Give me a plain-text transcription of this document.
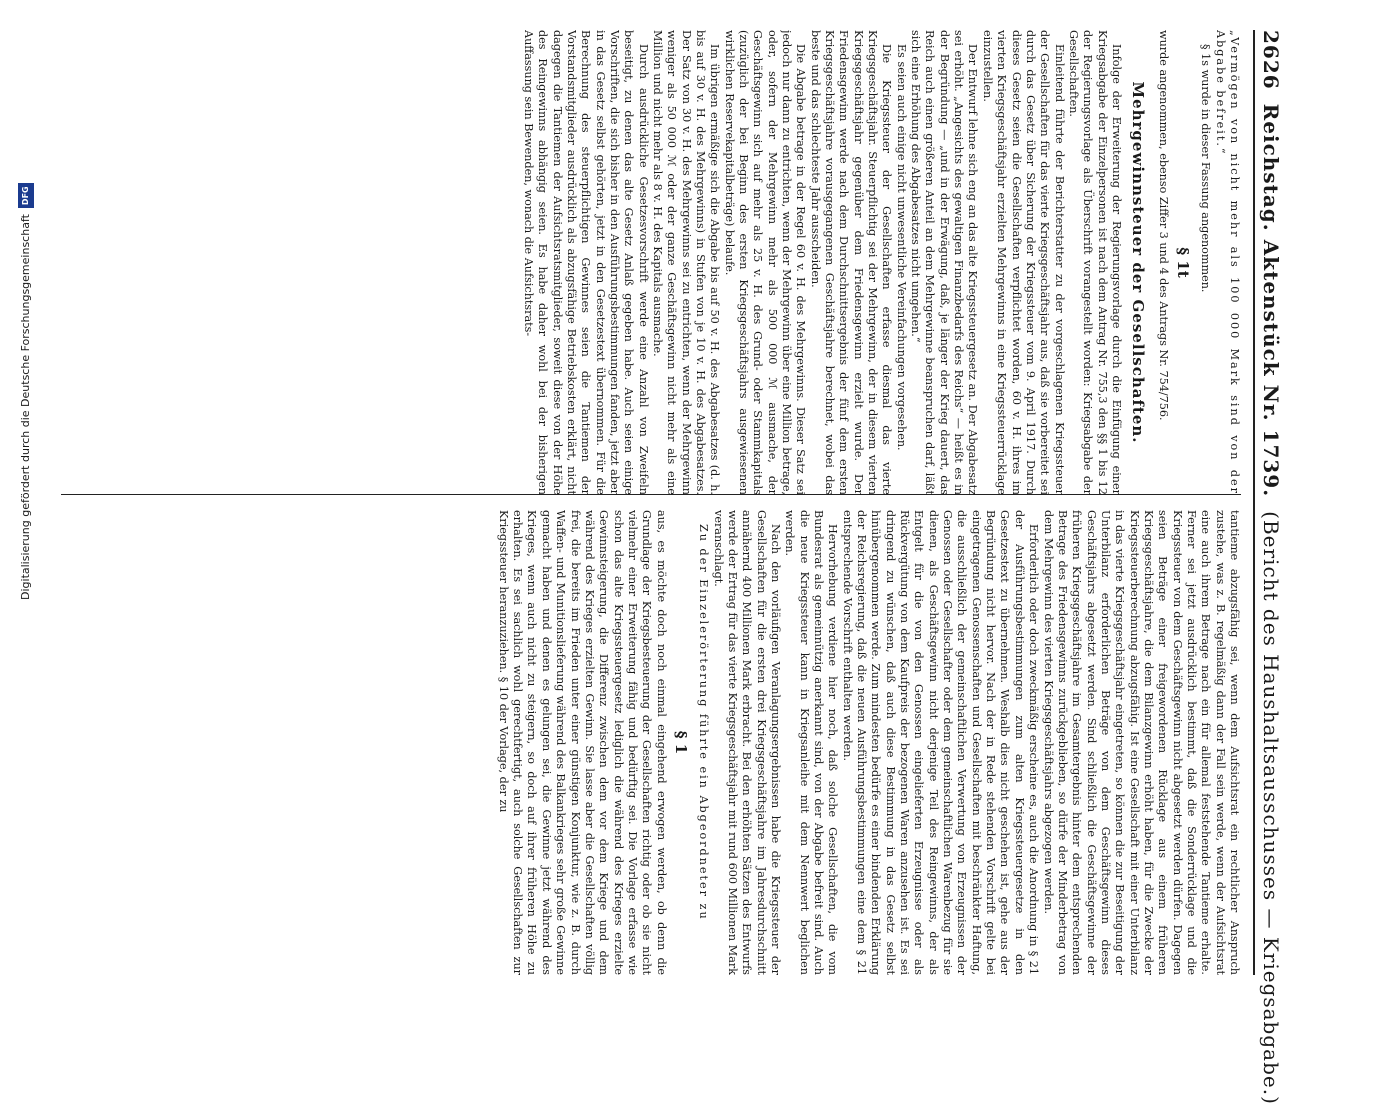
2626
Reichstag. Aktenstück Nr. 1739.
(Bericht des Haushaltsausschusses — Kriegsabgabe.)

„Vermögen von nicht mehr als 100 000 Mark sind von der Abgabe befreit.“

§ 1s wurde in dieser Fassung angenommen.

§ 1t

wurde angenommen, ebenso Ziffer 3 und 4 des Antrags Nr. 754/756.

Mehrgewinnsteuer der Gesellschaften.

Infolge der Erweiterung der Regierungsvorlage durch die Einfügung einer Kriegsabgabe der Einzelpersonen ist nach dem Antrag Nr. 755,3 den §§ 1 bis 12 der Regierungsvorlage als Überschrift vorangestellt worden: Kriegsabgabe der Gesellschaften.

Einleitend führte der Berichterstatter zu der vorgeschlagenen Kriegssteuer der Gesellschaften für das vierte Kriegsgeschäftsjahr aus, daß sie vorbereitet sei durch das Gesetz über Sicherung der Kriegssteuer vom 9. April 1917. Durch dieses Gesetz seien die Gesellschaften verpflichtet worden, 60 v. H. ihres im vierten Kriegsgeschäftsjahr erzielten Mehrgewinns in eine Kriegssteuerrücklage einzustellen.

Der Entwurf lehne sich eng an das alte Kriegssteuergesetz an. Der Abgabesatz sei erhöht. „Angesichts des gewaltigen Finanzbedarfs des Reichs“ — heißt es in der Begründung — „und in der Erwägung, daß, je länger der Krieg dauert, das Reich auch einen größeren Anteil an dem Mehrgewinne beanspruchen darf, läßt sich eine Erhöhung des Abgabesatzes nicht umgehen.“

Es seien auch einige nicht unwesentliche Vereinfachungen vorgesehen.

Die Kriegssteuer der Gesellschaften erfasse diesmal das vierte Kriegsgeschäftsjahr. Steuerpflichtig sei der Mehrgewinn, der in diesem vierten Kriegsgeschäftsjahr gegenüber dem Friedensgewinn erzielt wurde. Der Friedensgewinn werde nach dem Durchschnittsergebnis der fünf dem ersten Kriegsgeschäftsjahre vorausgegangenen Geschäftsjahre berechnet, wobei das beste und das schlechteste Jahr ausscheiden.

Die Abgabe betrage in der Regel 60 v. H. des Mehrgewinns. Dieser Satz sei jedoch nur dann zu entrichten, wenn der Mehrgewinn über eine Million betrage, oder, sofern der Mehrgewinn mehr als 500 000 ℳ ausmache, der Geschäftsgewinn sich auf mehr als 25 v. H. des Grund- oder Stammkapitals (zuzüglich der bei Beginn des ersten Kriegsgeschäftsjahrs ausgewiesenen wirklichen Reservekapitalbeträge) belaufe.

Im übrigen ermäßige sich die Abgabe bis auf 50 v. H. des Abgabesatzes (d. h. bis auf 30 v. H. des Mehrgewinns) in Stufen von je 10 v. H. des Abgabesatzes. Der Satz von 30 v. H. des Mehrgewinns sei zu entrichten, wenn der Mehrgewinn weniger als 50 000 ℳ oder der ganze Geschäftsgewinn nicht mehr als eine Million und nicht mehr als 8 v. H. des Kapitals ausmache.

Durch ausdrückliche Gesetzesvorschrift werde eine Anzahl von Zweifeln beseitigt, zu denen das alte Gesetz Anlaß gegeben habe. Auch seien einige Vorschriften, die sich bisher in den Ausführungsbestimmungen fanden, jetzt aber in das Gesetz selbst gehörten, jetzt in den Gesetzestext übernommen. Für die Berechnung des steuerpflichtigen Gewinnes seien die Tantiemen der Vorstandsmitglieder ausdrücklich als abzugsfähige Betriebskosten erklärt, nicht dagegen die Tantiemen der Aufsichtsratsmitglieder, soweit diese von der Höhe des Reingewinns abhängig seien. Es habe daher wohl bei der bisherigen Auffassung sein Bewenden, wonach die Aufsichtsrats-

tantieme abzugsfähig sei, wenn dem Aufsichtsrat ein rechtlicher Anspruch zustehe, was z. B. regelmäßig dann der Fall sein werde, wenn der Aufsichtsrat eine auch ihrem Betrage nach ein für allemal feststehende Tantieme erhalte. Ferner sei jetzt ausdrücklich bestimmt, daß die Sonderrücklage und die Kriegssteuer von dem Geschäftsgewinn nicht abgesetzt werden dürfen. Dagegen seien Beträge einer freigewordenen Rücklage aus einem früheren Kriegsgeschäftsjahre, die dem Bilanzgewinn erhöht haben, für die Zwecke der Kriegssteuerberechnung abzugsfähig. Ist eine Gesellschaft mit einer Unterbilanz in das vierte Kriegsgeschäftsjahr eingetreten, so können die zur Beseitigung der Unterbilanz erforderlichen Beträge von dem Geschäftsgewinn dieses Geschäftsjahrs abgesetzt werden. Sind schließlich die Geschäftsgewinne der früheren Kriegsgeschäftsjahre im Gesamtergebnis hinter dem entsprechenden Betrage des Friedensgewinns zurückgeblieben, so dürfe der Minderbetrag von dem Mehrgewinn des vierten Kriegsgeschäftsjahrs abgezogen werden.

Erforderlich oder doch zweckmäßig erscheine es, auch die Anordnung in § 21 der Ausführungsbestimmungen zum alten Kriegssteuergesetze in den Gesetzestext zu übernehmen. Weshalb dies nicht geschehen ist, gehe aus der Begründung nicht hervor. Nach der in Rede stehenden Vorschrift gelte bei eingetragenen Genossenschaften und Gesellschaften mit beschränkter Haftung, die ausschließlich der gemeinschaftlichen Verwertung von Erzeugnissen der Genossen oder Gesellschafter oder dem gemeinschaftlichen Warenbezug für sie dienen, als Geschäftsgewinn nicht derjenige Teil des Reingewinns, der als Entgelt für die von den Genossen eingelieferten Erzeugnisse oder als Rückvergütung von dem Kaufpreis der bezogenen Waren anzusehen ist. Es sei dringend zu wünschen, daß auch diese Bestimmung in das Gesetz selbst hinübergenommen werde. Zum mindesten bedürfe es einer bindenden Erklärung der Reichsregierung, daß die neuen Ausführungsbestimmungen eine dem § 21 entsprechende Vorschrift enthalten werden.

Hervorhebung verdiene hier noch, daß solche Gesellschaften, die vom Bundesrat als gemeinnützig anerkannt sind, von der Abgabe befreit sind. Auch die neue Kriegssteuer kann in Kriegsanleihe mit dem Nennwert beglichen werden.

Nach den vorläufigen Veranlagungsergebnissen habe die Kriegssteuer der Gesellschaften für die ersten drei Kriegsgeschäftsjahre im Jahresdurchschnitt annähernd 400 Millionen Mark erbracht. Bei den erhöhten Sätzen des Entwurfs werde der Ertrag für das vierte Kriegsgeschäftsjahr mit rund 600 Millionen Mark veranschlagt.

Zu der Einzelerörterung führte ein Abgeordneter zu

§ 1

aus, es möchte doch noch einmal eingehend erwogen werden, ob denn die Grundlage der Kriegsbesteuerung der Gesellschaften richtig oder ob sie nicht vielmehr einer Erweiterung fähig und bedürftig sei. Die Vorlage erfasse wie schon das alte Kriegssteuergesetz lediglich die während des Krieges erzielte Gewinnsteigerung, die Differenz zwischen dem vor dem Kriege und dem während des Krieges erzielten Gewinn. Sie lasse aber die Gesellschaften völlig frei, die bereits im Frieden unter einer günstigen Konjunktur, wie z. B. durch Waffen- und Munitionslieferung während des Balkankrieges sehr große Gewinne gemacht haben und denen es gelungen sei, die Gewinne jetzt während des Krieges, wenn auch nicht zu steigern, so doch auf ihrer früheren Höhe zu erhalten. Es sei sachlich wohl gerechtfertigt, auch solche Gesellschaften zur Kriegssteuer heranzuziehen. § 10 der Vorlage, der zu

Digitalisierung gefördert durch die Deutsche Forschungsgemeinschaft
DFG
